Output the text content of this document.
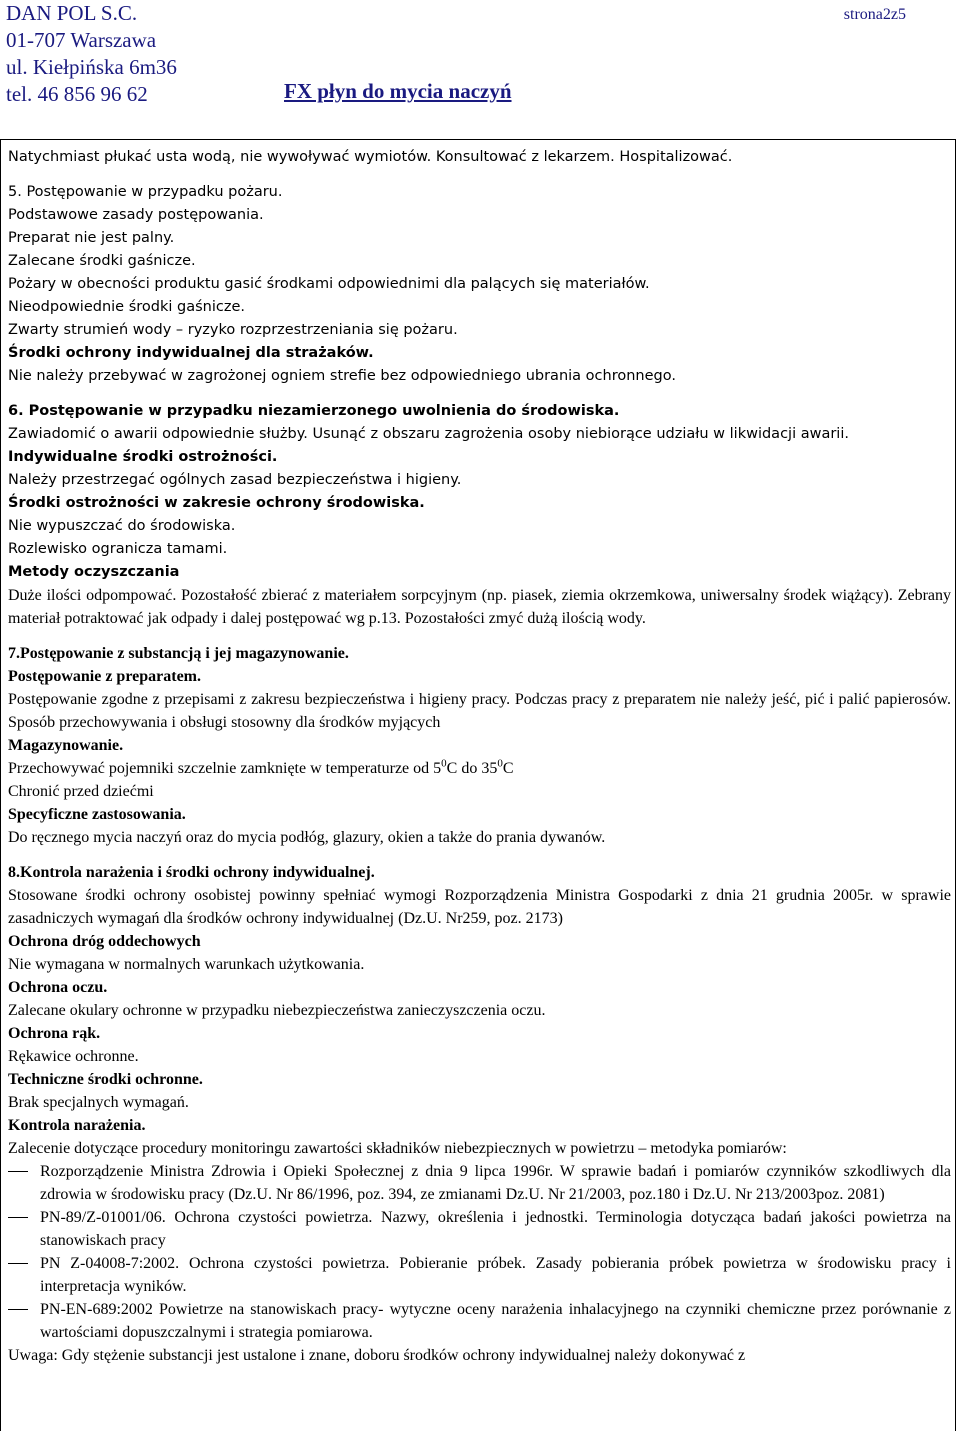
DAN POL S.C.
01-707 Warszawa
ul. Kiełpińska 6m36
tel. 46 856 96 62
strona2z5
FX płyn do mycia naczyń

Natychmiast płukać usta wodą, nie wywoływać wymiotów. Konsultować z lekarzem. Hospitalizować.

5. Postępowanie w przypadku pożaru.

Podstawowe zasady postępowania.

Preparat nie jest palny.

Zalecane środki gaśnicze.

Pożary w obecności produktu gasić środkami odpowiednimi dla palących się materiałów.

Nieodpowiednie środki gaśnicze.

Zwarty strumień wody – ryzyko rozprzestrzeniania się pożaru.

Środki ochrony indywidualnej dla strażaków.

Nie należy przebywać w zagrożonej ogniem strefie bez odpowiedniego ubrania ochronnego.

6. Postępowanie w przypadku niezamierzonego uwolnienia do środowiska.

Zawiadomić o awarii odpowiednie służby. Usunąć z obszaru zagrożenia osoby niebiorące udziału w likwidacji awarii.

Indywidualne środki ostrożności.

Należy przestrzegać ogólnych zasad bezpieczeństwa i higieny.

Środki ostrożności w zakresie ochrony środowiska.

Nie wypuszczać do środowiska.

Rozlewisko ogranicza tamami.

Metody oczyszczania

Duże ilości odpompować. Pozostałość zbierać z materiałem sorpcyjnym (np. piasek, ziemia okrzemkowa, uniwersalny środek wiążący). Zebrany materiał potraktować jak odpady i dalej postępować wg p.13. Pozostałości zmyć dużą ilością wody.

7.Postępowanie z substancją i jej magazynowanie.

Postępowanie z preparatem.

Postępowanie zgodne z przepisami z zakresu bezpieczeństwa i higieny pracy. Podczas pracy z preparatem nie należy jeść, pić i palić papierosów. Sposób przechowywania i obsługi stosowny dla środków myjących

Magazynowanie.

Przechowywać pojemniki szczelnie zamknięte w temperaturze od $5^0C$ do $35^0C$

Chronić przed dziećmi

Specyficzne zastosowania.

Do ręcznego mycia naczyń oraz do mycia podłóg, glazury, okien a także do prania dywanów.

8.Kontrola narażenia i środki ochrony indywidualnej.

Stosowane środki ochrony osobistej powinny spełniać wymogi Rozporządzenia Ministra Gospodarki z dnia 21 grudnia 2005r. w sprawie zasadniczych wymagań dla środków ochrony indywidualnej (Dz.U. Nr259, poz. 2173)

Ochrona dróg oddechowych

Nie wymagana w normalnych warunkach użytkowania.

Ochrona oczu.

Zalecane okulary ochronne w przypadku niebezpieczeństwa zanieczyszczenia oczu.

Ochrona rąk.

Rękawice ochronne.

Techniczne środki ochronne.

Brak specjalnych wymagań.

Kontrola narażenia.

Zalecenie dotyczące procedury monitoringu zawartości składników niebezpiecznych w powietrzu – metodyka pomiarów:

Rozporządzenie Ministra Zdrowia i Opieki Społecznej z dnia 9 lipca 1996r. W sprawie badań i pomiarów czynników szkodliwych dla zdrowia w środowisku pracy (Dz.U. Nr 86/1996, poz. 394, ze zmianami Dz.U. Nr 21/2003, poz.180 i Dz.U. Nr 213/2003poz. 2081)
PN-89/Z-01001/06. Ochrona czystości powietrza. Nazwy, określenia i jednostki. Terminologia dotycząca badań jakości powietrza na stanowiskach pracy
PN Z-04008-7:2002. Ochrona czystości powietrza. Pobieranie próbek. Zasady pobierania próbek powietrza w środowisku pracy i interpretacja wyników.
PN-EN-689:2002 Powietrze na stanowiskach pracy- wytyczne oceny narażenia inhalacyjnego na czynniki chemiczne przez porównanie z wartościami dopuszczalnymi i strategia pomiarowa.

Uwaga: Gdy stężenie substancji jest ustalone i znane, doboru środków ochrony indywidualnej należy dokonywać z
